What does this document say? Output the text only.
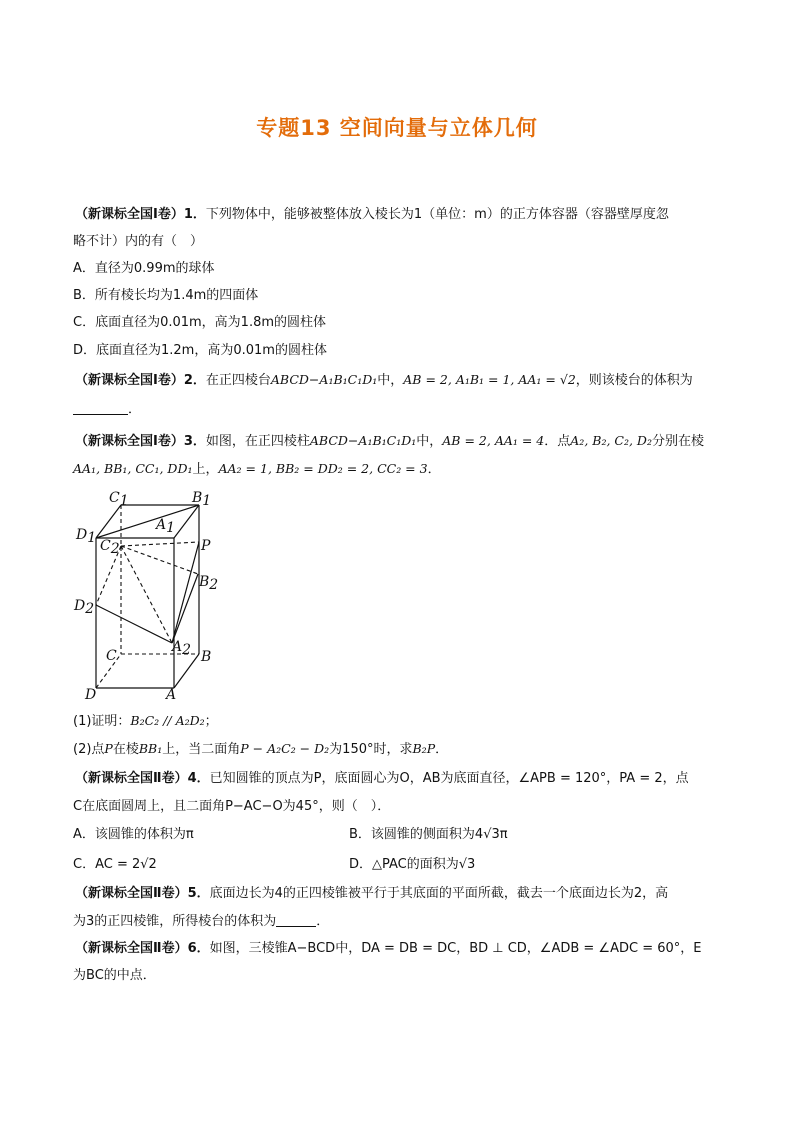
专题13 空间向量与立体几何
（新课标全国Ⅰ卷）1．下列物体中，能够被整体放入棱长为1（单位：m）的正方体容器（容器壁厚度忽
略不计）内的有（　）
A．直径为0.99m的球体
B．所有棱长均为1.4m的四面体
C．底面直径为0.01m，高为1.8m的圆柱体
D．底面直径为1.2m，高为0.01m的圆柱体
（新课标全国Ⅰ卷）2．在正四棱台ABCD−A₁B₁C₁D₁中，AB = 2, A₁B₁ = 1, AA₁ = √2，则该棱台的体积为
．
（新课标全国Ⅰ卷）3．如图，在正四棱柱ABCD−A₁B₁C₁D₁中，AB = 2, AA₁ = 4．点A₂, B₂, C₂, D₂分别在棱
AA₁, BB₁, CC₁, DD₁上，AA₂ = 1, BB₂ = DD₂ = 2, CC₂ = 3．
C1	B1
A1
D1 C2	P
B2
D2
A2
C	B
D	A
(1)证明：B₂C₂ // A₂D₂；
(2)点P在棱BB₁上，当二面角P − A₂C₂ − D₂为150°时，求B₂P．
（新课标全国Ⅱ卷）4．已知圆锥的顶点为P，底面圆心为O，AB为底面直径，∠APB = 120°，PA = 2，点
C在底面圆周上，且二面角P−AC−O为45°，则（　）．
A．该圆锥的体积为π	B．该圆锥的侧面积为4√3π
C．AC = 2√2	D．△PAC的面积为√3
（新课标全国Ⅱ卷）5．底面边长为4的正四棱锥被平行于其底面的平面所截，截去一个底面边长为2，高
为3的正四棱锥，所得棱台的体积为	．
（新课标全国Ⅱ卷）6．如图，三棱锥A−BCD中，DA = DB = DC，BD ⊥ CD，∠ADB = ∠ADC = 60°，E
为BC的中点．
